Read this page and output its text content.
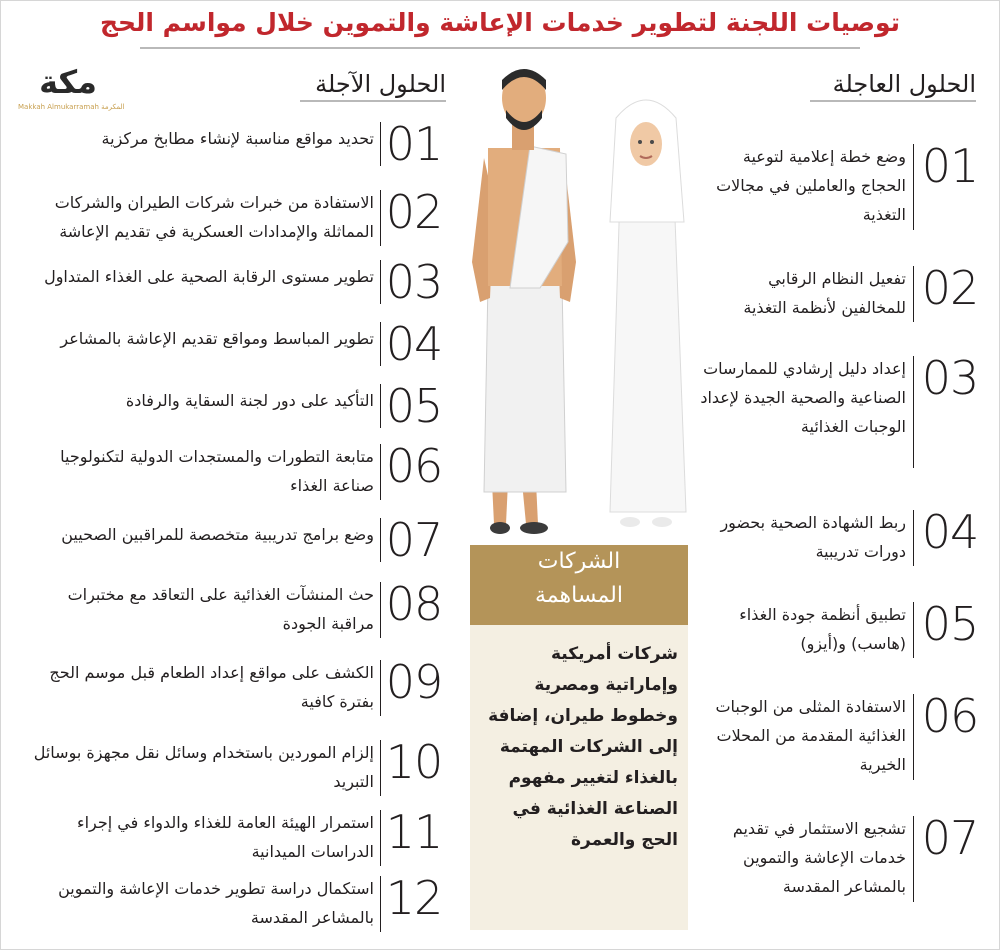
توصيات اللجنة لتطوير خدمات الإعاشة والتموين خلال مواسم الحج
مكة
Makkah Almukarramah المكرمة
الحلول الآجلة	الحلول العاجلة
01
تحديد مواقع مناسبة لإنشاء مطابخ مركزية
02
الاستفادة من خبرات شركات الطيران والشركات المماثلة والإمدادات العسكرية في تقديم الإعاشة
03
تطوير مستوى الرقابة الصحية على الغذاء المتداول
04
تطوير المباسط ومواقع تقديم الإعاشة بالمشاعر
05
التأكيد على دور لجنة السقاية والرفادة
06
متابعة التطورات والمستجدات الدولية لتكنولوجيا صناعة الغذاء
07
وضع برامج تدريبية متخصصة للمراقبين الصحيين
08
حث المنشآت الغذائية على التعاقد مع مختبرات مراقبة الجودة
09
الكشف على مواقع إعداد الطعام قبل موسم الحج بفترة كافية
10
إلزام الموردين باستخدام وسائل نقل مجهزة بوسائل التبريد
11
استمرار الهيئة العامة للغذاء والدواء في إجراء الدراسات الميدانية
12
استكمال دراسة تطوير خدمات الإعاشة والتموين بالمشاعر المقدسة
01
وضع خطة إعلامية لتوعية الحجاج والعاملين في مجالات التغذية
02
تفعيل النظام الرقابي للمخالفين لأنظمة التغذية
03
إعداد دليل إرشادي للممارسات الصناعية والصحية الجيدة لإعداد الوجبات الغذائية
04
ربط الشهادة الصحية بحضور دورات تدريبية
05
تطبيق أنظمة جودة الغذاء (هاسب) و(أيزو)
06
الاستفادة المثلى من الوجبات الغذائية المقدمة من المحلات الخيرية
07
تشجيع الاستثمار في تقديم خدمات الإعاشة والتموين بالمشاعر المقدسة
الشركات
المساهمة

شركات أمريكية وإماراتية ومصرية وخطوط طيران، إضافة إلى الشركات المهتمة بالغذاء لتغيير مفهوم الصناعة الغذائية في الحج والعمرة
